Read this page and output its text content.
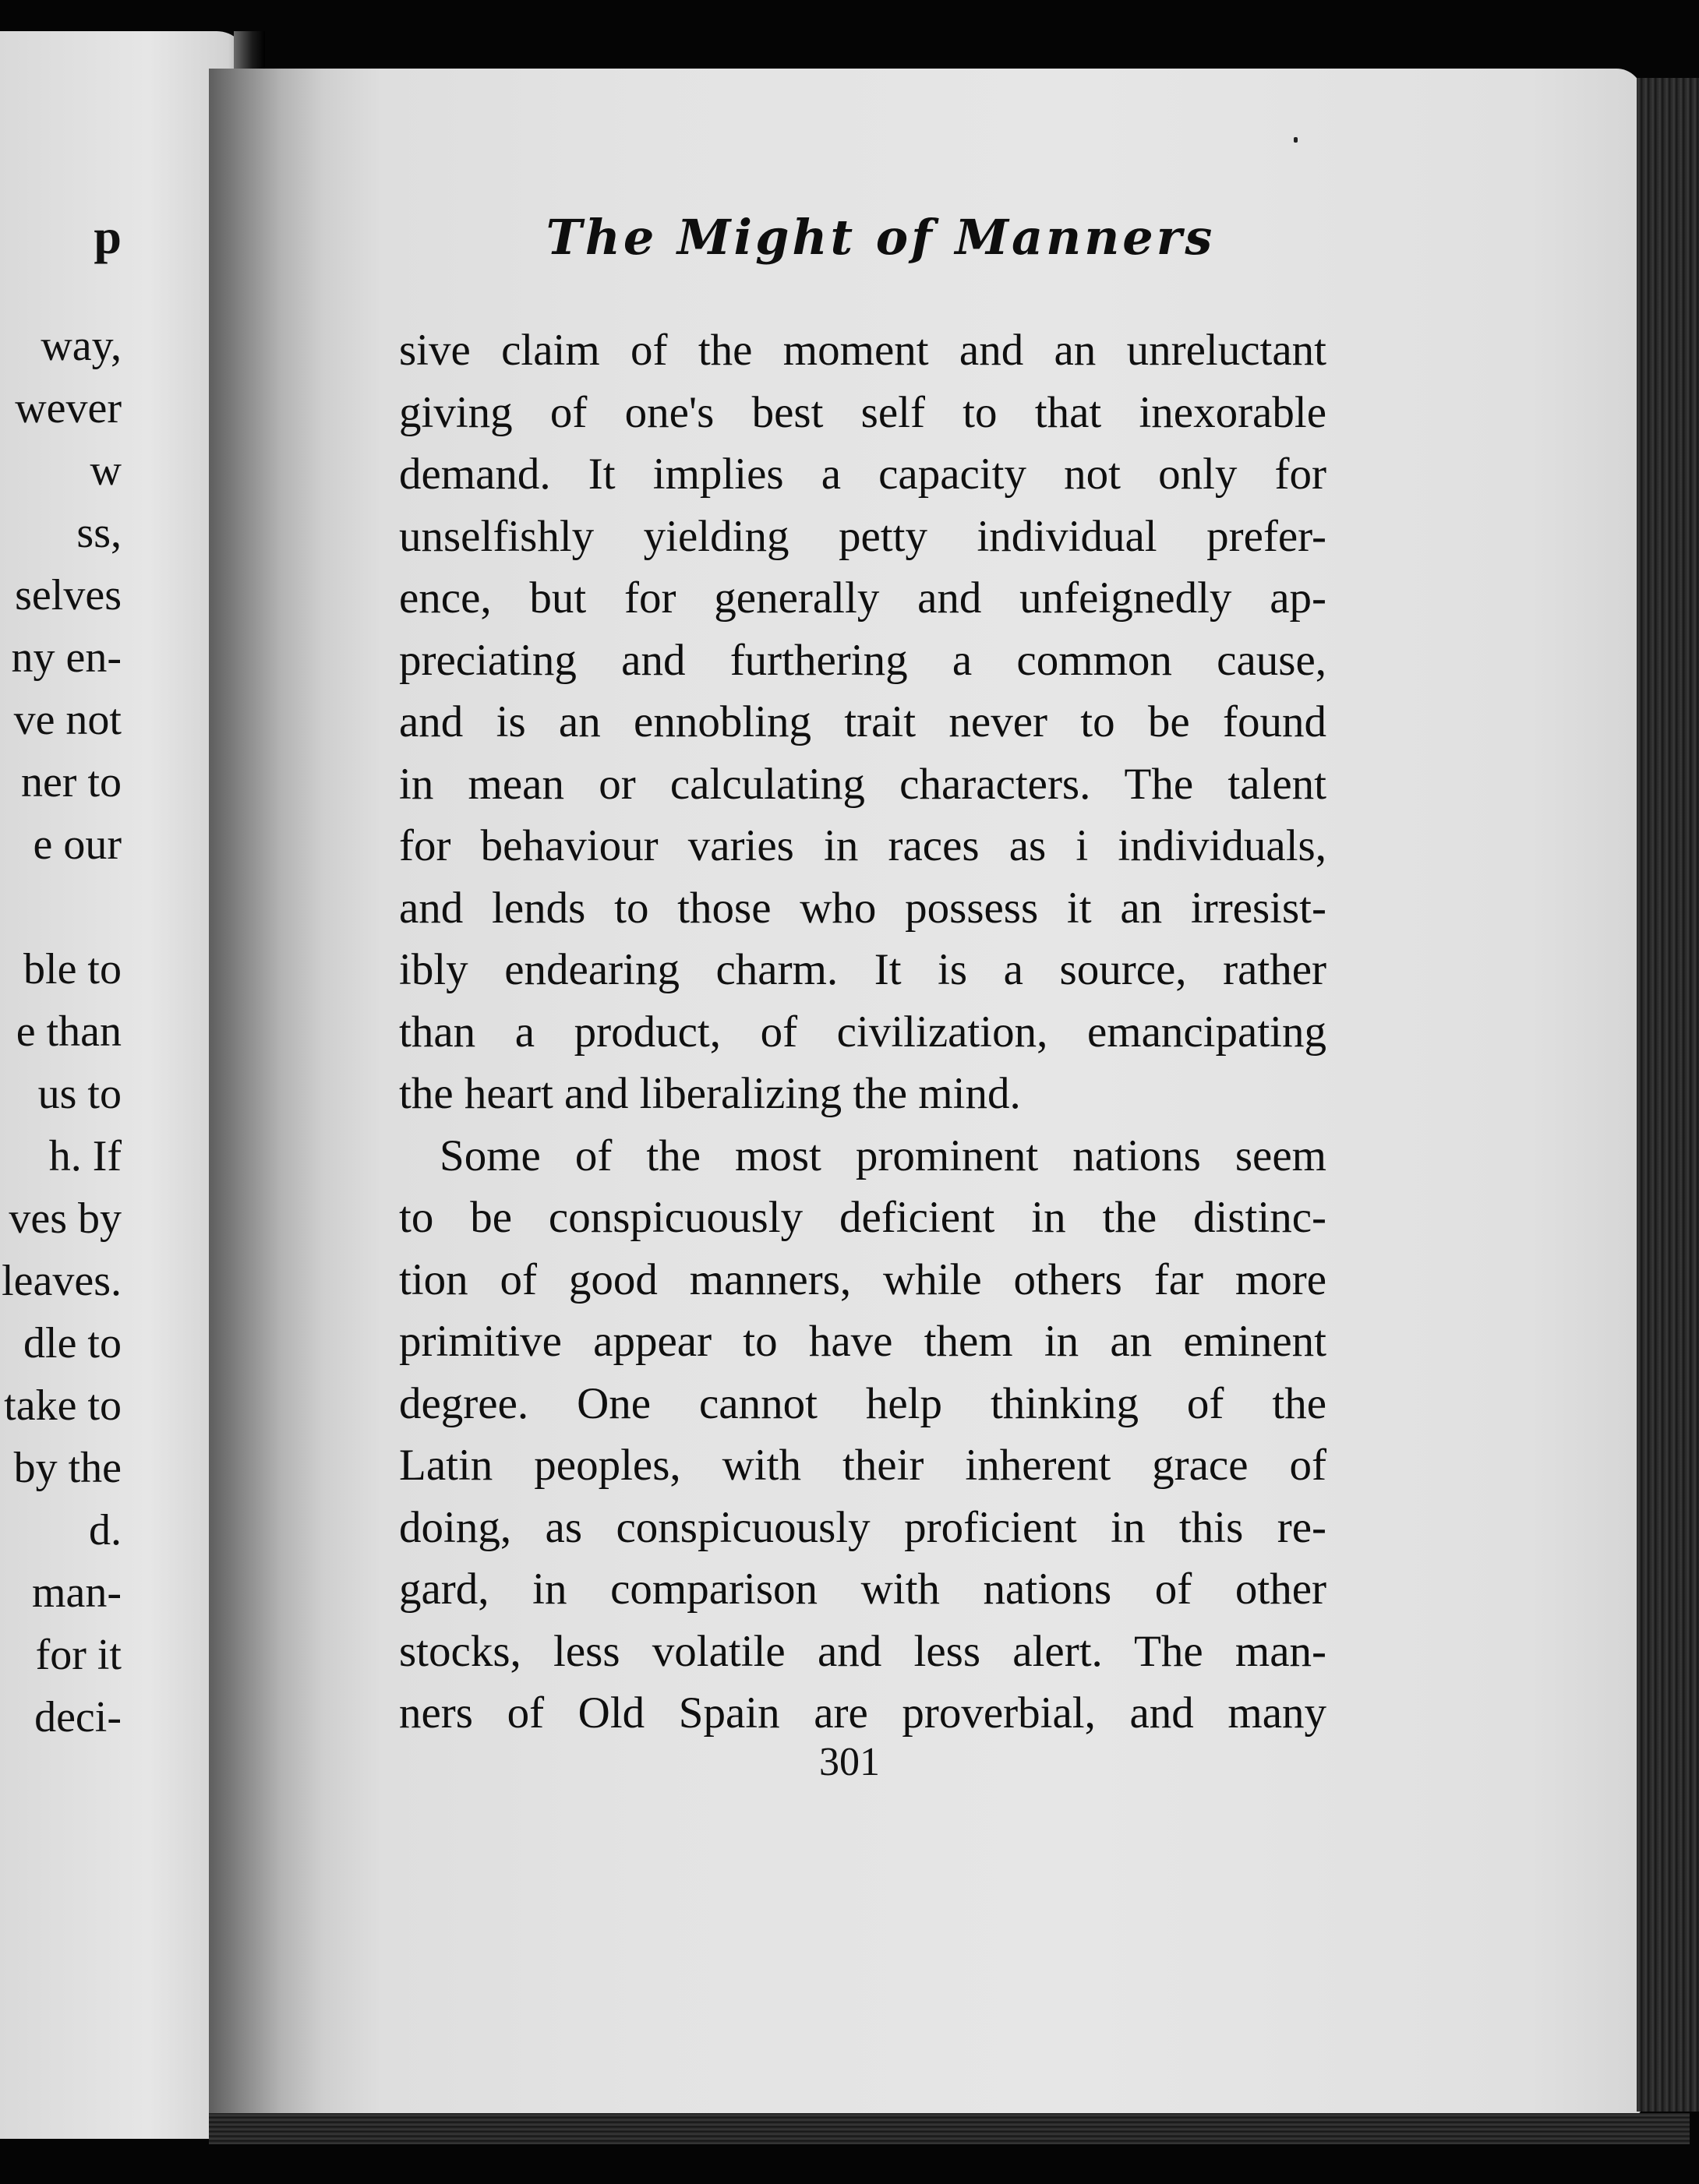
p
way,
wever
w
ss,
selves
ny en-
ve not
ner to
e our
ble to
e than
us to
h. If
ves by
leaves.
dle to
take to
by the
d.
man-
for it
deci-
The Might of Manners
sive claim of the moment and an unreluctant
giving of one's best self to that inexorable
demand. It implies a capacity not only for
unselfishly yielding petty individual prefer-
ence, but for generally and unfeignedly ap-
preciating and furthering a common cause,
and is an ennobling trait never to be found
in mean or calculating characters. The talent
for behaviour varies in races as i individuals,
and lends to those who possess it an irresist-
ibly endearing charm. It is a source, rather
than a product, of civilization, emancipating
the heart and liberalizing the mind.
Some of the most prominent nations seem
to be conspicuously deficient in the distinc-
tion of good manners, while others far more
primitive appear to have them in an eminent
degree. One cannot help thinking of the
Latin peoples, with their inherent grace of
doing, as conspicuously proficient in this re-
gard, in comparison with nations of other
stocks, less volatile and less alert. The man-
ners of Old Spain are proverbial, and many
301
